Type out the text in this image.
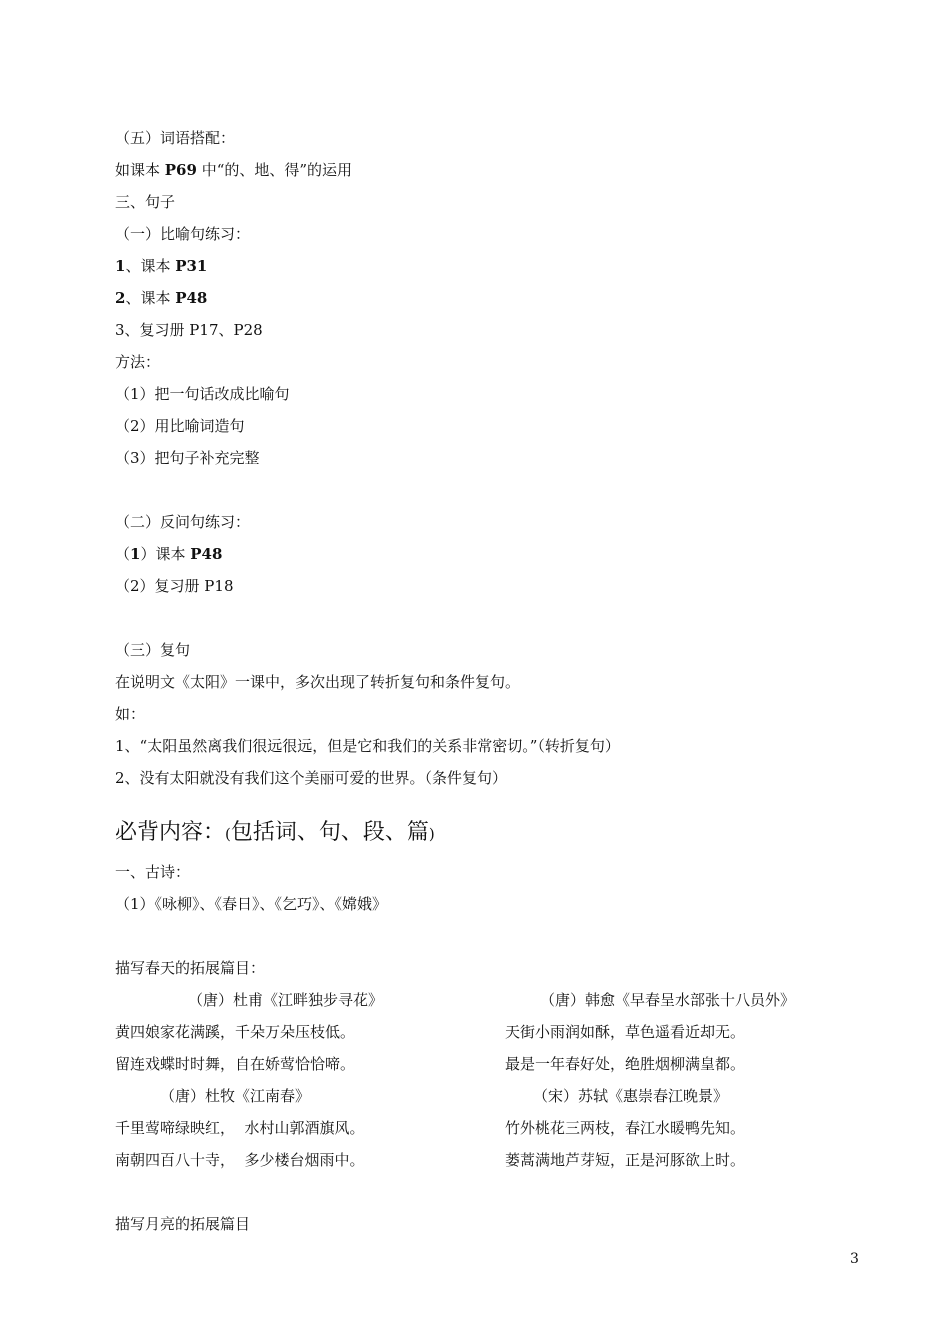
（五）词语搭配：
如课本 P69 中“的、地、得”的运用
三、句子
（一）比喻句练习：
1、课本 P31
2、课本 P48
3、复习册 P17、P28
方法：
（1）把一句话改成比喻句
（2）用比喻词造句
（3）把句子补充完整
（二）反问句练习：
（1）课本 P48
（2）复习册 P18
（三）复句
在说明文《太阳》一课中，多次出现了转折复句和条件复句。
如：
1、“太阳虽然离我们很远很远，但是它和我们的关系非常密切。”（转折复句）
2、没有太阳就没有我们这个美丽可爱的世界。（条件复句）
必背内容：(包括词、句、段、篇)
一、古诗：
（1）《咏柳》、《春日》、《乞巧》、《嫦娥》
描写春天的拓展篇目：
（唐）杜甫《江畔独步寻花》
黄四娘家花满蹊，千朵万朵压枝低。
留连戏蝶时时舞，自在娇莺恰恰啼。
（唐）韩愈《早春呈水部张十八员外》
天街小雨润如酥，草色遥看近却无。
最是一年春好处，绝胜烟柳满皇都。
（唐）杜牧《江南春》
千里莺啼绿映红，  水村山郭酒旗风。
南朝四百八十寺，  多少楼台烟雨中。
（宋）苏轼《惠崇春江晚景》
竹外桃花三两枝，春江水暖鸭先知。
蒌蒿满地芦芽短，正是河豚欲上时。
描写月亮的拓展篇目
3
